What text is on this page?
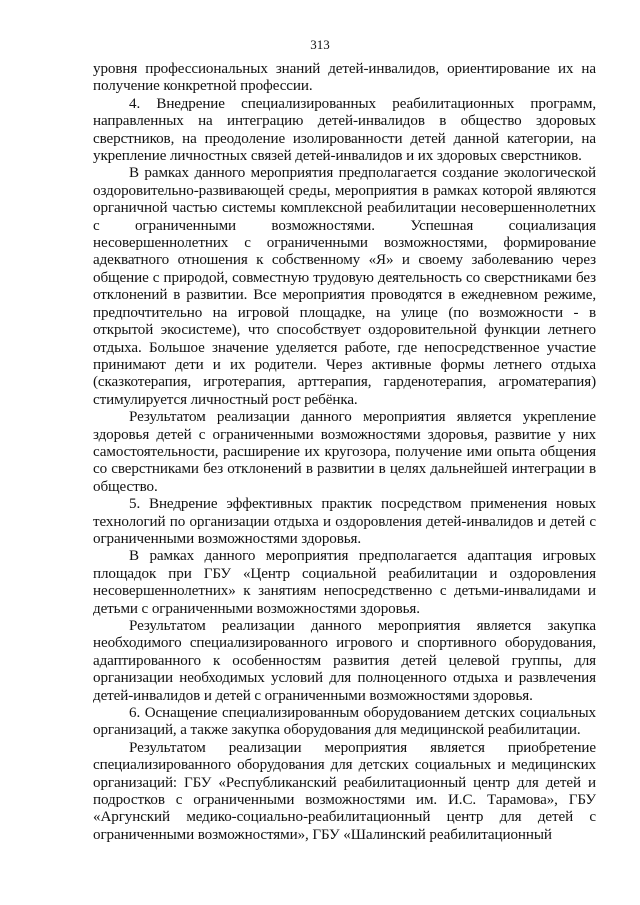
313

уровня профессиональных знаний детей-инвалидов, ориентирование их на получение конкретной профессии.

4. Внедрение специализированных реабилитационных программ, направленных на интеграцию детей-инвалидов в общество здоровых сверстников, на преодоление изолированности детей данной категории, на укрепление личностных связей детей-инвалидов и их здоровых сверстников.

В рамках данного мероприятия предполагается создание экологической оздоровительно-развивающей среды, мероприятия в рамках которой являются органичной частью системы комплексной реабилитации несовершеннолетних с ограниченными возможностями. Успешная социализация несовершеннолетних с ограниченными возможностями, формирование адекватного отношения к собственному «Я» и своему заболеванию через общение с природой, совместную трудовую деятельность со сверстниками без отклонений в развитии. Все мероприятия проводятся в ежедневном режиме, предпочтительно на игровой площадке, на улице (по возможности - в открытой экосистеме), что способствует оздоровительной функции летнего отдыха. Большое значение уделяется работе, где непосредственное участие принимают дети и их родители. Через активные формы летнего отдыха (сказкотерапия, игротерапия, арттерапия, гарденотерапия, агроматерапия) стимулируется личностный рост ребёнка.

Результатом реализации данного мероприятия является укрепление здоровья детей с ограниченными возможностями здоровья, развитие у них самостоятельности, расширение их кругозора, получение ими опыта общения со сверстниками без отклонений в развитии в целях дальнейшей интеграции в общество.

5. Внедрение эффективных практик посредством применения новых технологий по организации отдыха и оздоровления детей-инвалидов и детей с ограниченными возможностями здоровья.

В рамках данного мероприятия предполагается адаптация игровых площадок при ГБУ «Центр социальной реабилитации и оздоровления несовершеннолетних» к занятиям непосредственно с детьми-инвалидами и детьми с ограниченными возможностями здоровья.

Результатом реализации данного мероприятия является закупка необходимого специализированного игрового и спортивного оборудования, адаптированного к особенностям развития детей целевой группы, для организации необходимых условий для полноценного отдыха и развлечения детей-инвалидов и детей с ограниченными возможностями здоровья.

6. Оснащение специализированным оборудованием детских социальных организаций, а также закупка оборудования для медицинской реабилитации.

Результатом реализации мероприятия является приобретение специализированного оборудования для детских социальных и медицинских организаций: ГБУ «Республиканский реабилитационный центр для детей и подростков с ограниченными возможностями им. И.С. Тарамова», ГБУ «Аргунский медико-социально-реабилитационный центр для детей с ограниченными возможностями», ГБУ «Шалинский реабилитационный
